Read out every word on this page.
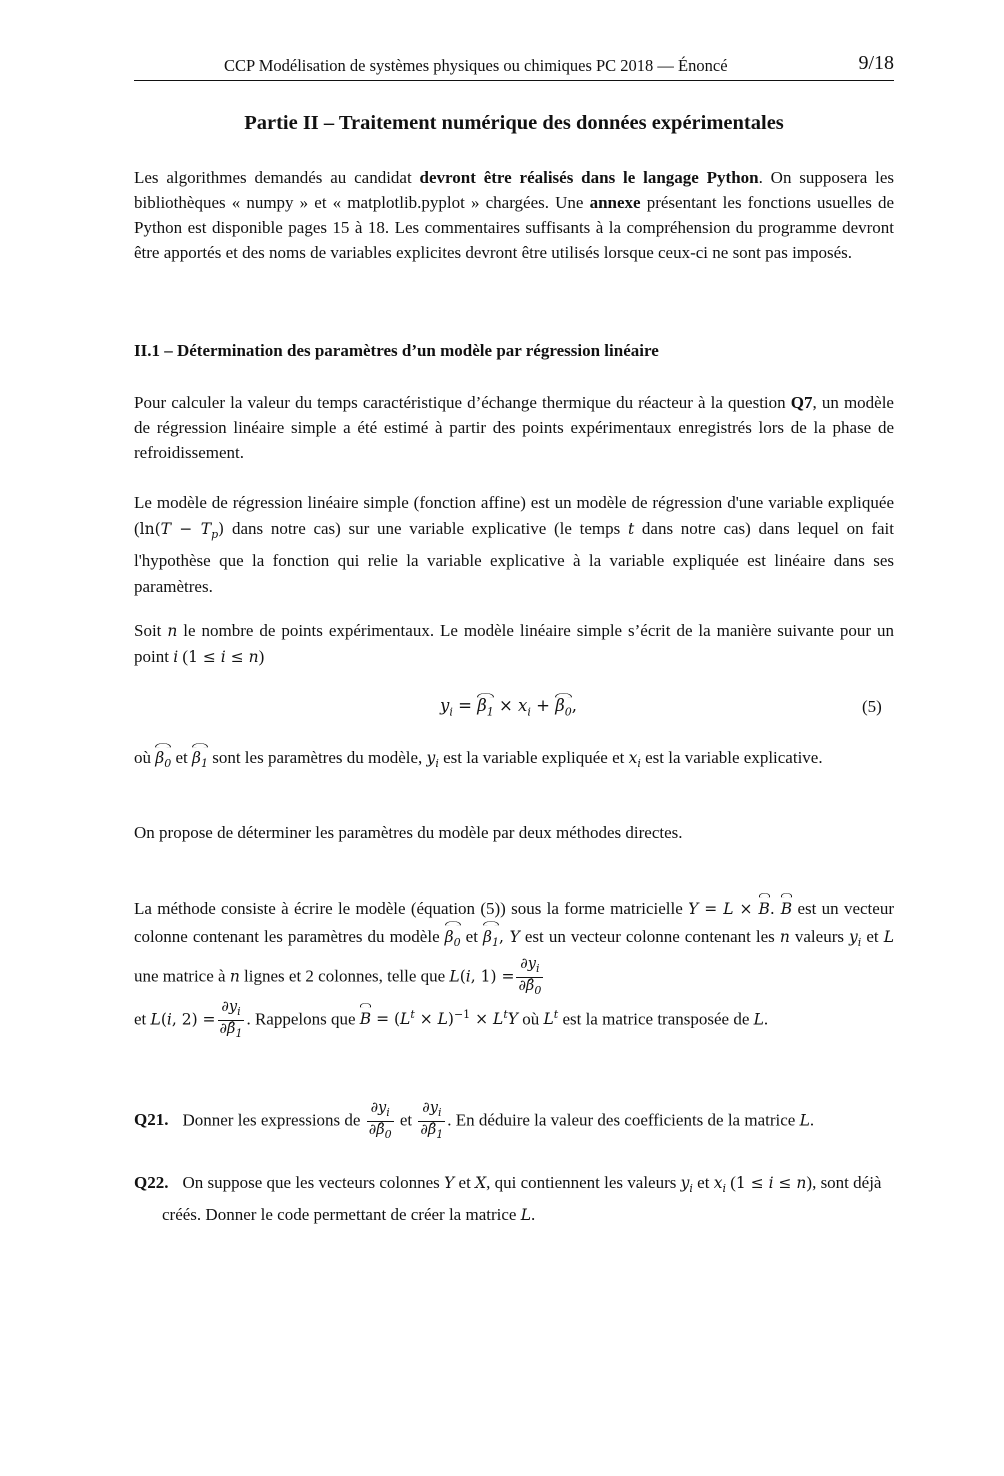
CCP Modélisation de systèmes physiques ou chimiques PC 2018 — Énoncé	9/18
Partie II – Traitement numérique des données expérimentales
Les algorithmes demandés au candidat devront être réalisés dans le langage Python. On supposera les bibliothèques « numpy » et « matplotlib.pyplot » chargées. Une annexe présentant les fonctions usuelles de Python est disponible pages 15 à 18. Les commentaires suffisants à la compréhension du programme devront être apportés et des noms de variables explicites devront être utilisés lorsque ceux-ci ne sont pas imposés.
II.1 – Détermination des paramètres d’un modèle par régression linéaire
Pour calculer la valeur du temps caractéristique d’échange thermique du réacteur à la question Q7, un modèle de régression linéaire simple a été estimé à partir des points expérimentaux enregistrés lors de la phase de refroidissement.
Le modèle de régression linéaire simple (fonction affine) est un modèle de régression d'une variable expliquée ($\ln(T - T_p)$ dans notre cas) sur une variable explicative (le temps t dans notre cas) dans lequel on fait l'hypothèse que la fonction qui relie la variable explicative à la variable expliquée est linéaire dans ses paramètres.
Soit n le nombre de points expérimentaux. Le modèle linéaire simple s’écrit de la manière suivante pour un point i (1 ≤ i ≤ n)
$y_i = \beta_1 \times x_i + \beta_0$,	(5)
où $\beta_0$ et $\beta_1$ sont les paramètres du modèle, $y_i$ est la variable expliquée et $x_i$ est la variable explicative.
On propose de déterminer les paramètres du modèle par deux méthodes directes.
La méthode consiste à écrire le modèle (équation (5)) sous la forme matricielle Y = L × B. B est un vecteur colonne contenant les paramètres du modèle $\beta_0$ et $\beta_1$, Y est un vecteur colonne contenant les n valeurs $y_i$ et L une matrice à n lignes et 2 colonnes, telle que L(i, $1) = \frac{\partial y_i}{\partial\betâ_0}$

et L(i, $2) = \frac{\partial y_i}{\partial\betâ_1}$ . Rappelons que $B = (L^t \times L)^{-1} \times L^tY$ où $L^t$ est la matrice transposée de L.
Q21. Donner les expressions de $\frac{\partial y_i}{\partial\betâ_0}$ et $\frac{\partial y_i}{\partial\betâ_1}$ . En déduire la valeur des coefficients de la matrice L.
Q22. On suppose que les vecteurs colonnes Y et X, qui contiennent les valeurs $y_i$ et $x_i$ (1 ≤ i ≤ n), sont déjà créés. Donner le code permettant de créer la matrice L.
